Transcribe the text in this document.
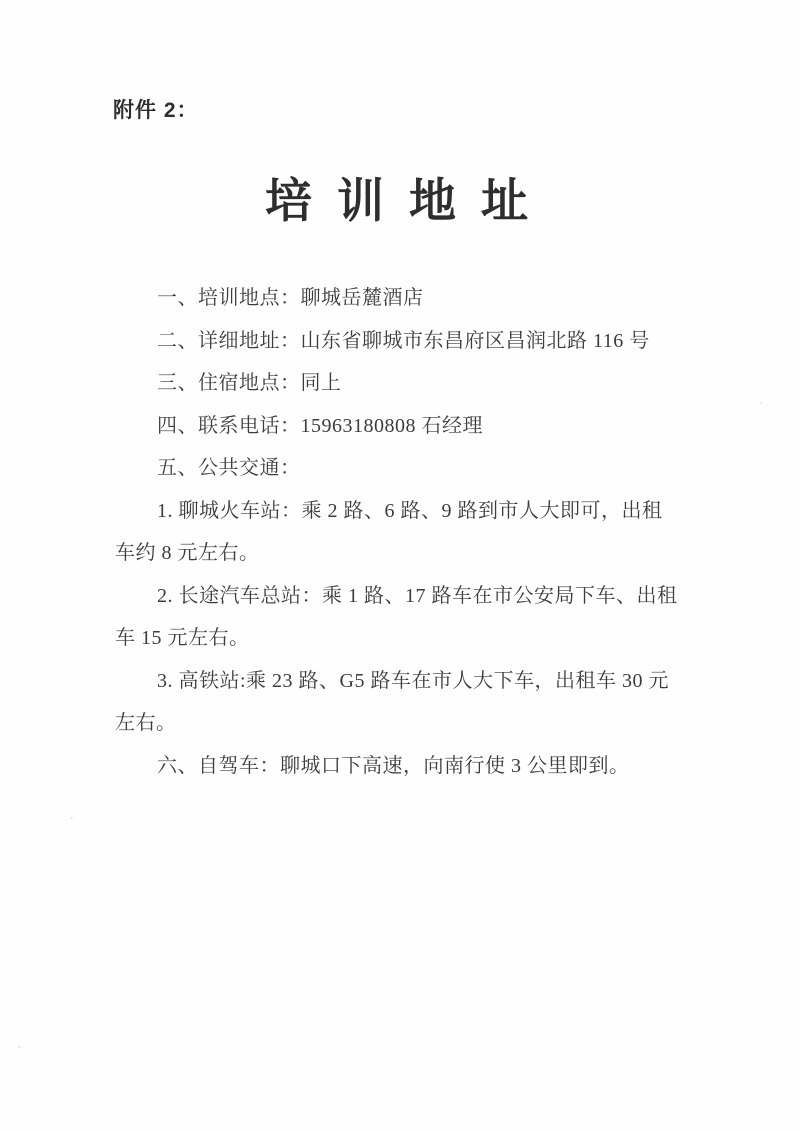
附件 2：
培训地址
一、培训地点：聊城岳麓酒店
二、详细地址：山东省聊城市东昌府区昌润北路 116 号
三、住宿地点：同上
四、联系电话：15963180808 石经理
五、公共交通：
1. 聊城火车站：乘 2 路、6 路、9 路到市人大即可，出租
车约 8 元左右。
2. 长途汽车总站：乘 1 路、17 路车在市公安局下车、出租
车 15 元左右。
3. 高铁站:乘 23 路、G5 路车在市人大下车，出租车 30 元
左右。
六、自驾车：聊城口下高速，向南行使 3 公里即到。
